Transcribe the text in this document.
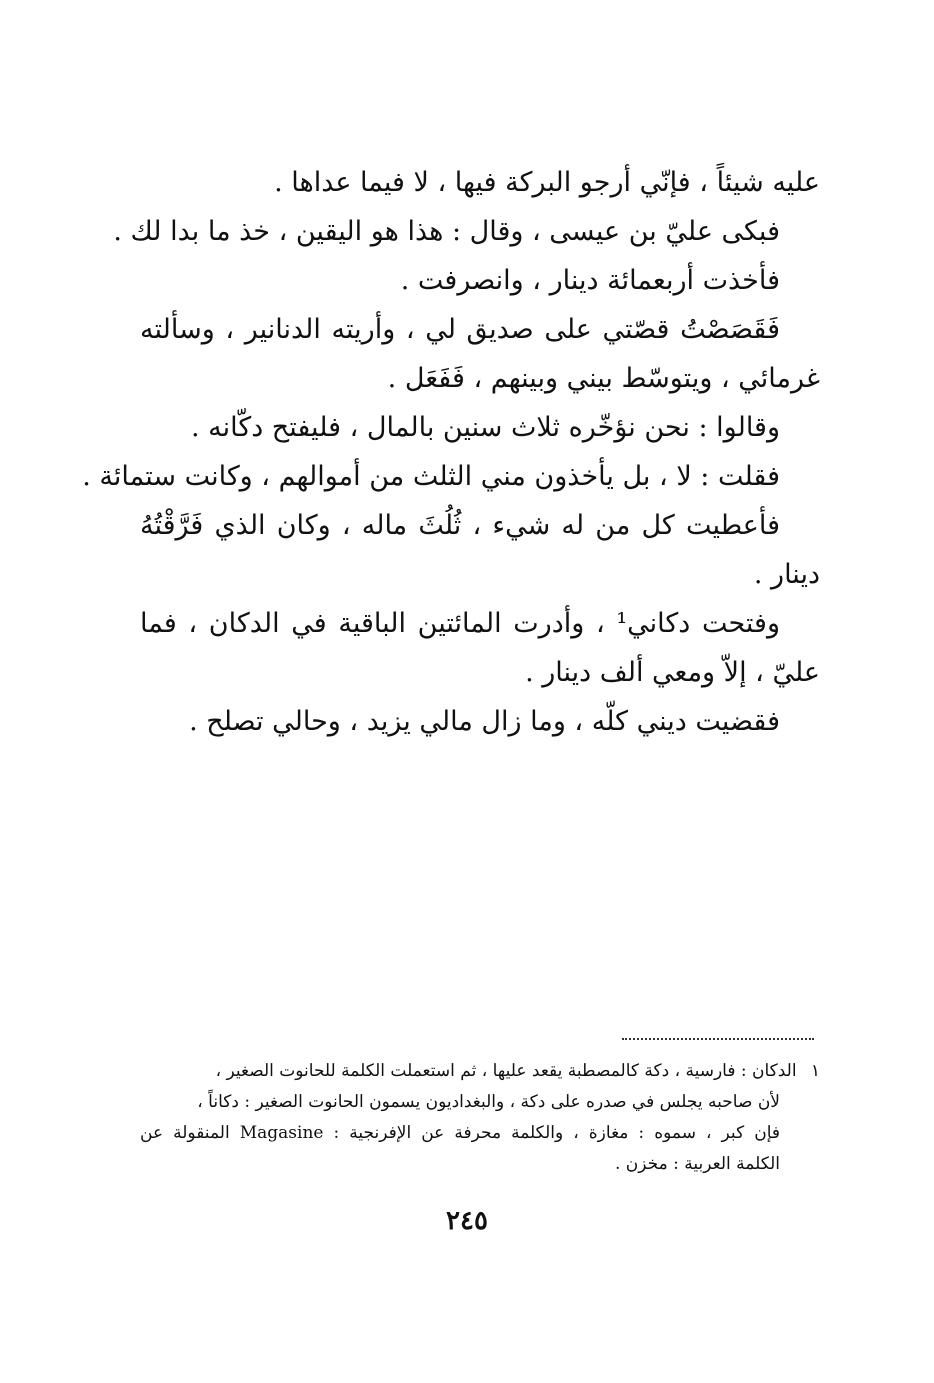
عليه شيئاً ، فإنّي أرجو البركة فيها ، لا فيما عداها .
فبكى عليّ بن عيسى ، وقال : هذا هو اليقين ، خذ ما بدا لك .
فأخذت أربعمائة دينار ، وانصرفت .
فَقَصَصْتُ قصّتي على صديق لي ، وأريته الدنانير ، وسألته
غرمائي ، ويتوسّط بيني وبينهم ، فَفَعَل .
وقالوا : نحن نؤخّره ثلاث سنين بالمال ، فليفتح دكّانه .
فقلت : لا ، بل يأخذون مني الثلث من أموالهم ، وكانت ستمائة .
فأعطيت كل من له شيء ، ثُلُثَ ماله ، وكان الذي فَرَّقْتُهُ
دينار .
وفتحت دكاني¹ ، وأدرت المائتين الباقية في الدكان ، فما
عليّ ، إلاّ ومعي ألف دينار .
فقضيت ديني كلّه ، وما زال مالي يزيد ، وحالي تصلح .
١ الدكان : فارسية ، دكة كالمصطبة يقعد عليها ، ثم استعملت الكلمة للحانوت الصغير ،
لأن صاحبه يجلس في صدره على دكة ، والبغداديون يسمون الحانوت الصغير : دكاناً ،
فإن كبر ، سموه : مغازة ، والكلمة محرفة عن الإفرنجية : Magasine المنقولة عن
الكلمة العربية : مخزن .
٢٤٥
